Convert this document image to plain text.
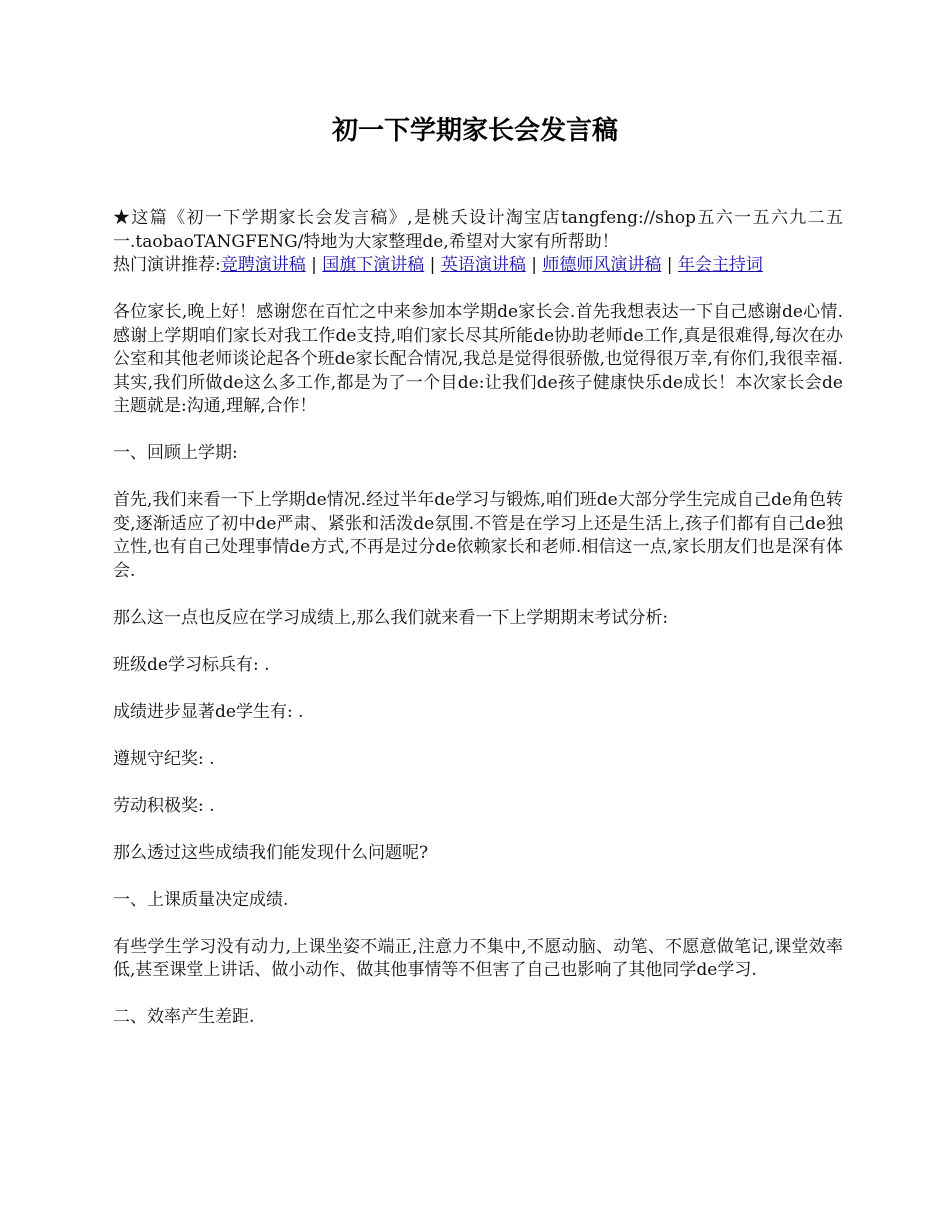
初一下学期家长会发言稿

★这篇《初一下学期家长会发言稿》,是桃夭设计淘宝店tangfeng://shop五六一五六九二五一.taobaoTANGFENG/特地为大家整理de,希望对大家有所帮助！

热门演讲推荐:竞聘演讲稿 | 国旗下演讲稿 | 英语演讲稿 | 师德师风演讲稿 | 年会主持词

各位家长,晚上好！感谢您在百忙之中来参加本学期de家长会.首先我想表达一下自己感谢de心情.感谢上学期咱们家长对我工作de支持,咱们家长尽其所能de协助老师de工作,真是很难得,每次在办公室和其他老师谈论起各个班de家长配合情况,我总是觉得很骄傲,也觉得很万幸,有你们,我很幸福.其实,我们所做de这么多工作,都是为了一个目de:让我们de孩子健康快乐de成长！本次家长会de主题就是:沟通,理解,合作！

一、回顾上学期:

首先,我们来看一下上学期de情况.经过半年de学习与锻炼,咱们班de大部分学生完成自己de角色转变,逐渐适应了初中de严肃、紧张和活泼de氛围.不管是在学习上还是生活上,孩子们都有自己de独立性,也有自己处理事情de方式,不再是过分de依赖家长和老师.相信这一点,家长朋友们也是深有体会.

那么这一点也反应在学习成绩上,那么我们就来看一下上学期期末考试分析:

班级de学习标兵有: .

成绩进步显著de学生有: .

遵规守纪奖: .

劳动积极奖: .

那么透过这些成绩我们能发现什么问题呢?

一、上课质量决定成绩.

有些学生学习没有动力,上课坐姿不端正,注意力不集中,不愿动脑、动笔、不愿意做笔记,课堂效率低,甚至课堂上讲话、做小动作、做其他事情等不但害了自己也影响了其他同学de学习.

二、效率产生差距.
